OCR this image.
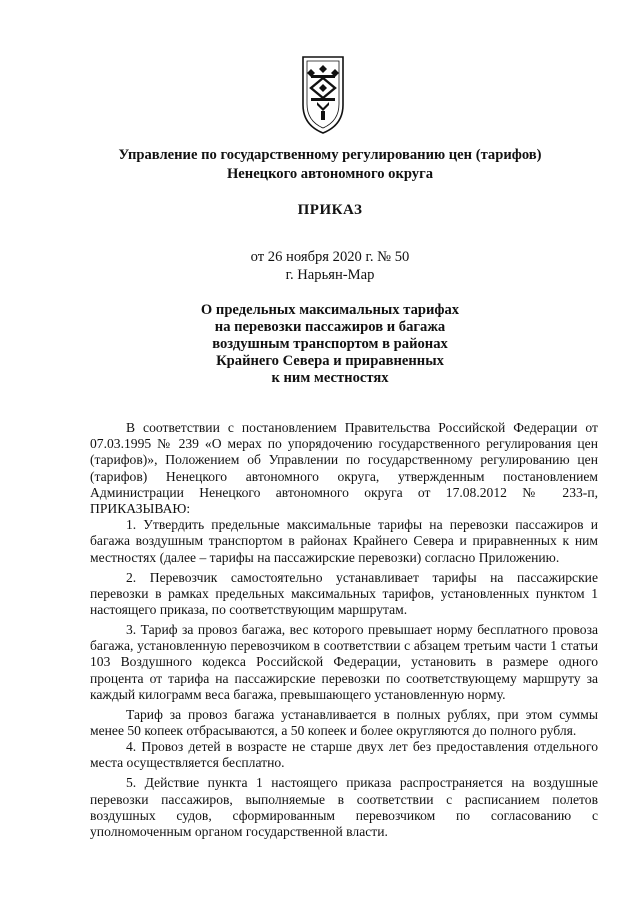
Управление по государственному регулированию цен (тарифов)
Ненецкого автономного округа
ПРИКАЗ
от 26 ноября 2020 г. № 50
г. Нарьян-Мар
О предельных максимальных тарифах
на перевозки пассажиров и багажа
воздушным транспортом в районах
Крайнего Севера и приравненных
к ним местностях

В соответствии с постановлением Правительства Российской Федерации от 07.03.1995 № 239 «О мерах по упорядочению государственного регулирования цен (тарифов)», Положением об Управлении по государственному регулированию цен (тарифов) Ненецкого автономного округа, утвержденным постановлением Администрации Ненецкого автономного округа от 17.08.2012 № 233-п, ПРИКАЗЫВАЮ:

1. Утвердить предельные максимальные тарифы на перевозки пассажиров и багажа воздушным транспортом в районах Крайнего Севера и приравненных к ним местностях (далее – тарифы на пассажирские перевозки) согласно Приложению.

2. Перевозчик самостоятельно устанавливает тарифы на пассажирские перевозки в рамках предельных максимальных тарифов, установленных пунктом 1 настоящего приказа, по соответствующим маршрутам.

3. Тариф за провоз багажа, вес которого превышает норму бесплатного провоза багажа, установленную перевозчиком в соответствии с абзацем третьим части 1 статьи 103 Воздушного кодекса Российской Федерации, установить в размере одного процента от тарифа на пассажирские перевозки по соответствующему маршруту за каждый килограмм веса багажа, превышающего установленную норму.

Тариф за провоз багажа устанавливается в полных рублях, при этом суммы менее 50 копеек отбрасываются, а 50 копеек и более округляются до полного рубля.

4. Провоз детей в возрасте не старше двух лет без предоставления отдельного места осуществляется бесплатно.

5. Действие пункта 1 настоящего приказа распространяется на воздушные перевозки пассажиров, выполняемые в соответствии с расписанием полетов воздушных судов, сформированным перевозчиком по согласованию с уполномоченным органом государственной власти.
